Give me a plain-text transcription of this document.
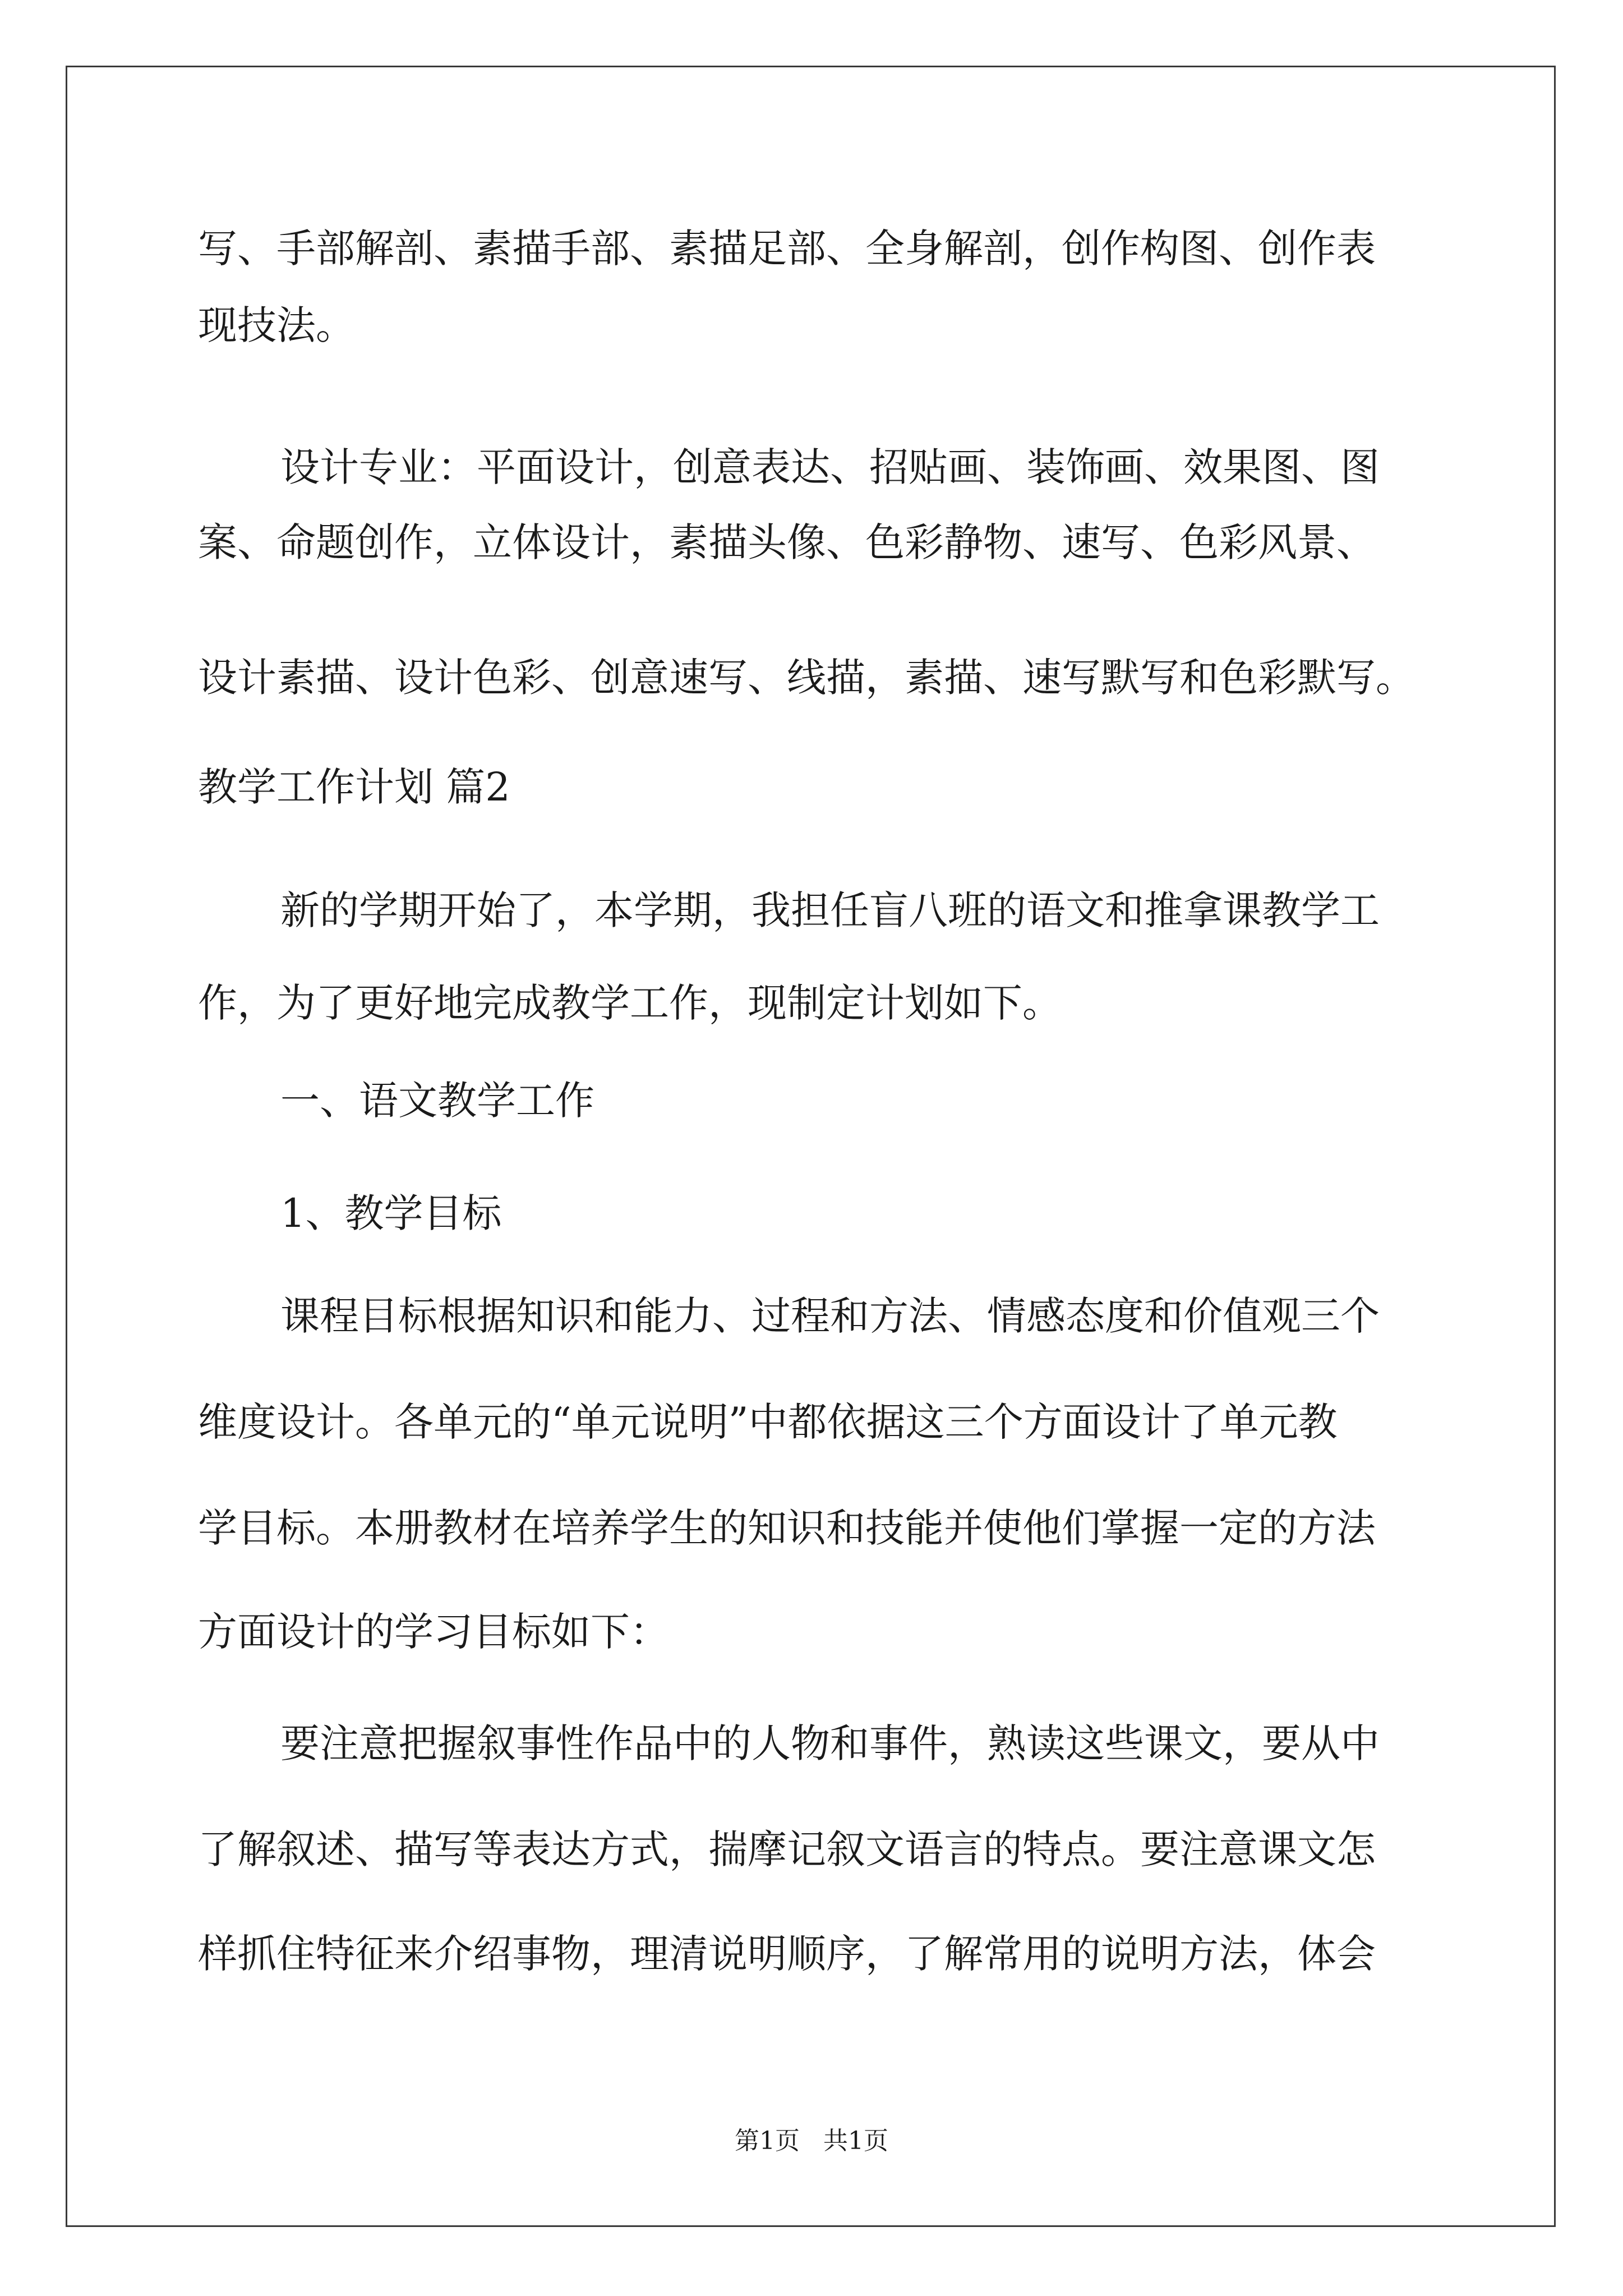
写、手部解剖、素描手部、素描足部、全身解剖，创作构图、创作表
现技法。
设计专业：平面设计，创意表达、招贴画、装饰画、效果图、图
案、命题创作，立体设计，素描头像、色彩静物、速写、色彩风景、
设计素描、设计色彩、创意速写、线描，素描、速写默写和色彩默写。
教学工作计划 篇2
新的学期开始了，本学期，我担任盲八班的语文和推拿课教学工
作，为了更好地完成教学工作，现制定计划如下。
一、语文教学工作
1、教学目标
课程目标根据知识和能力、过程和方法、情感态度和价值观三个
维度设计。各单元的“单元说明”中都依据这三个方面设计了单元教
学目标。本册教材在培养学生的知识和技能并使他们掌握一定的方法
方面设计的学习目标如下：
要注意把握叙事性作品中的人物和事件，熟读这些课文，要从中
了解叙述、描写等表达方式，揣摩记叙文语言的特点。要注意课文怎
样抓住特征来介绍事物，理清说明顺序，了解常用的说明方法，体会
第1页   共1页
